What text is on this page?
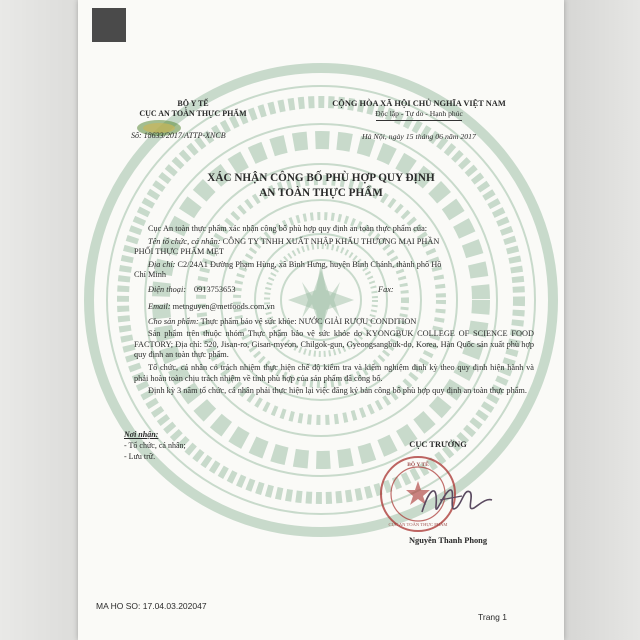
BỘ Y TẾ
CỤC AN TOÀN THỰC PHẨM
Số: 18633/2017/ATTP-XNCB
CỘNG HÒA XÃ HỘI CHỦ NGHĨA VIỆT NAM
Độc lập - Tự do - Hạnh phúc
Hà Nội, ngày 15 tháng 06 năm 2017
XÁC NHẬN CÔNG BỐ PHÙ HỢP QUY ĐỊNH
AN TOÀN THỰC PHẨM
Cục An toàn thực phẩm xác nhận công bố phù hợp quy định an toàn thực phẩm của:
Tên tổ chức, cá nhân: CÔNG TY TNHH XUẤT NHẬP KHẨU THƯƠNG MẠI PHẦN
PHỐI THỰC PHẨM MẸT
Địa chỉ: C2/24A1 Đường Phạm Hùng, xã Bình Hưng, huyện Bình Chánh, thành phố Hồ
Chí Minh
Điện thoại: 0913753653	Fax:
Email: metnguyen@metfoods.com.vn
Cho sản phẩm: Thực phẩm bảo vệ sức khỏe: NƯỚC GIẢI RƯỢU CONDITION
Sản phẩm trên thuộc nhóm Thực phẩm bảo vệ sức khỏe do KYONGBUK COLLEGE OF SCIENCE FOOD FACTORY; Địa chỉ: 520, Jisan-ro, Gisan-myeon, Chilgok-gun, Gyeongsangbuk-do, Korea, Hàn Quốc sản xuất phù hợp quy định an toàn thực phẩm.
Tổ chức, cá nhân có trách nhiệm thực hiện chế độ kiểm tra và kiểm nghiệm định kỳ theo quy định hiện hành và phải hoàn toàn chịu trách nhiệm về tính phù hợp của sản phẩm đã công bố.
Định kỳ 3 năm tổ chức, cá nhân phải thực hiện lại việc đăng ký bản công bố phù hợp quy định an toàn thực phẩm.
Nơi nhận:
- Tổ chức, cá nhân;
- Lưu trữ.
CỤC TRƯỞNG
BỘ Y TẾ
CỤC AN TOÀN THỰC PHẨM
Nguyễn Thanh Phong
MA HO SO: 17.04.03.202047
Trang 1
